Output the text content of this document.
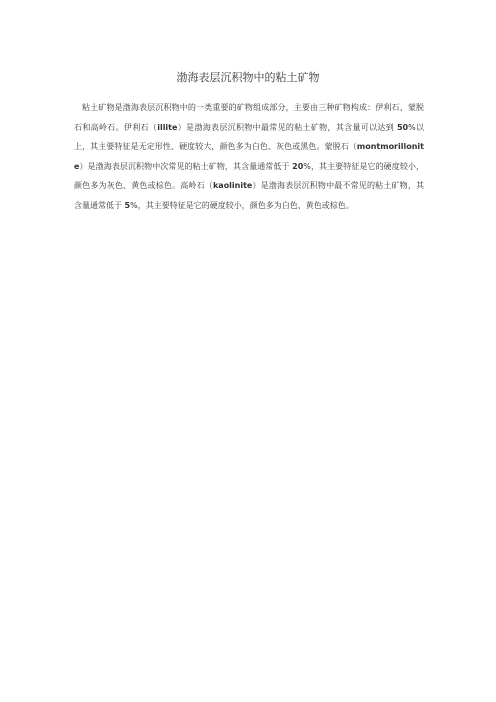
渤海表层沉积物中的粘土矿物

粘土矿物是渤海表层沉积物中的一类重要的矿物组成部分，主要由三种矿物构成：伊利石、蒙脱石和高岭石。伊利石（illite）是渤海表层沉积物中最常见的粘土矿物，其含量可以达到 50%以上，其主要特征是无定形性、硬度较大，颜色多为白色、灰色或黑色。蒙脱石（montmorillonite）是渤海表层沉积物中次常见的粘土矿物，其含量通常低于 20%，其主要特征是它的硬度较小，颜色多为灰色、黄色或棕色。高岭石（kaolinite）是渤海表层沉积物中最不常见的粘土矿物，其含量通常低于 5%，其主要特征是它的硬度较小，颜色多为白色、黄色或棕色。
